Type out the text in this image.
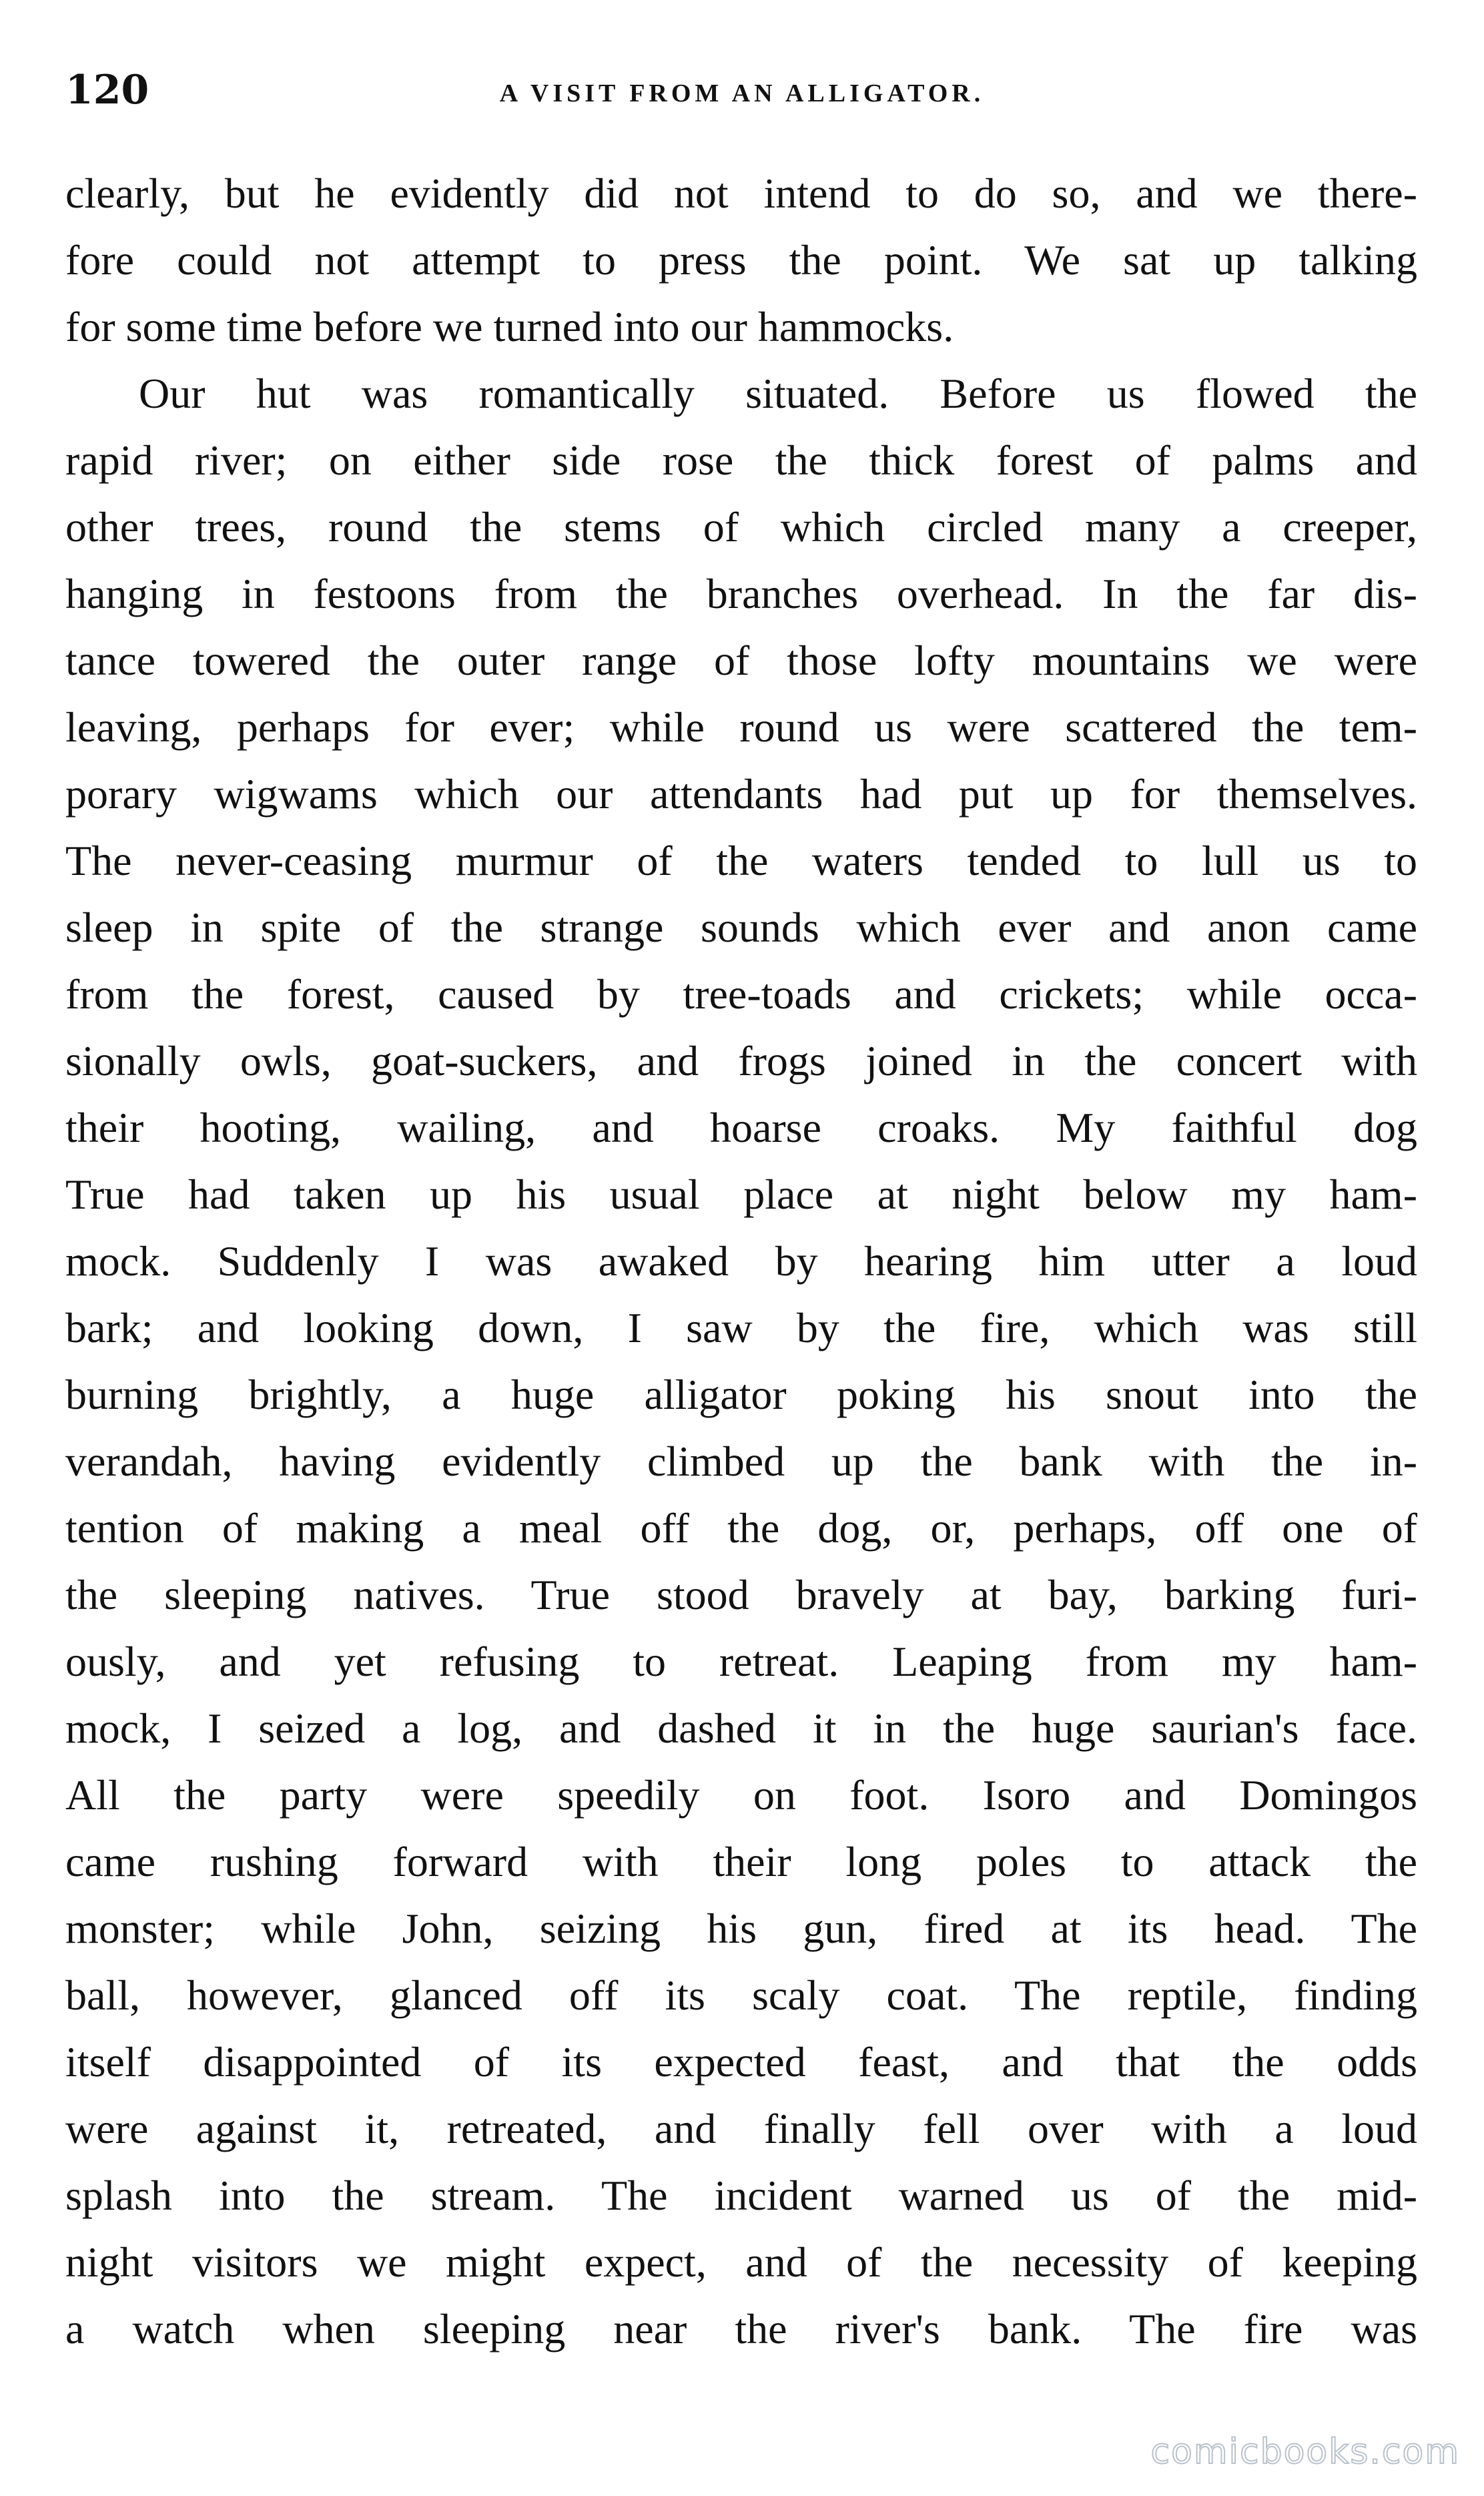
120	A VISIT FROM AN ALLIGATOR.
clearly, but he evidently did not intend to do so, and we there-
fore could not attempt to press the point. We sat up talking
for some time before we turned into our hammocks.
Our hut was romantically situated. Before us flowed the
rapid river; on either side rose the thick forest of palms and
other trees, round the stems of which circled many a creeper,
hanging in festoons from the branches overhead. In the far dis-
tance towered the outer range of those lofty mountains we were
leaving, perhaps for ever; while round us were scattered the tem-
porary wigwams which our attendants had put up for themselves.
The never-ceasing murmur of the waters tended to lull us to
sleep in spite of the strange sounds which ever and anon came
from the forest, caused by tree-toads and crickets; while occa-
sionally owls, goat-suckers, and frogs joined in the concert with
their hooting, wailing, and hoarse croaks. My faithful dog
True had taken up his usual place at night below my ham-
mock. Suddenly I was awaked by hearing him utter a loud
bark; and looking down, I saw by the fire, which was still
burning brightly, a huge alligator poking his snout into the
verandah, having evidently climbed up the bank with the in-
tention of making a meal off the dog, or, perhaps, off one of
the sleeping natives. True stood bravely at bay, barking furi-
ously, and yet refusing to retreat. Leaping from my ham-
mock, I seized a log, and dashed it in the huge saurian's face.
All the party were speedily on foot. Isoro and Domingos
came rushing forward with their long poles to attack the
monster; while John, seizing his gun, fired at its head. The
ball, however, glanced off its scaly coat. The reptile, finding
itself disappointed of its expected feast, and that the odds
were against it, retreated, and finally fell over with a loud
splash into the stream. The incident warned us of the mid-
night visitors we might expect, and of the necessity of keeping
a watch when sleeping near the river's bank. The fire was
comicbooks.com
